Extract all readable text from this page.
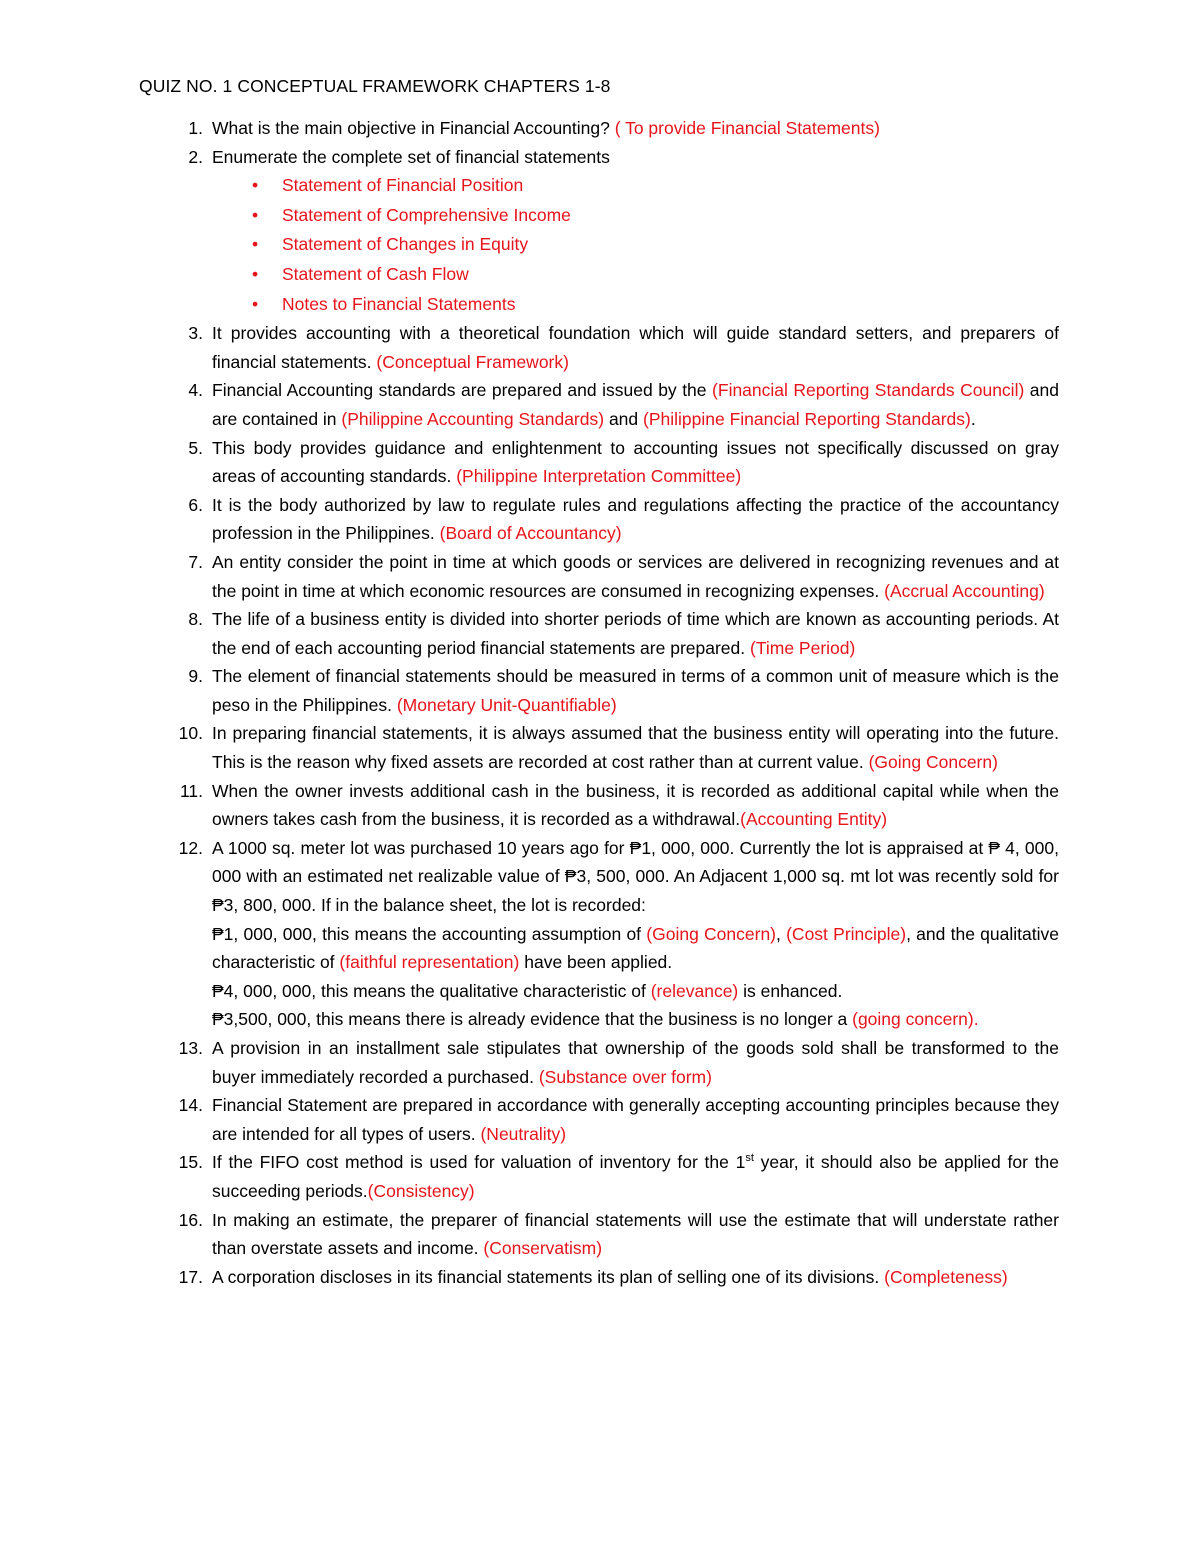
QUIZ NO. 1 CONCEPTUAL FRAMEWORK CHAPTERS 1-8
1. What is the main objective in Financial Accounting? ( To provide Financial Statements)
2. Enumerate the complete set of financial statements
• Statement of Financial Position
• Statement of Comprehensive Income
• Statement of Changes in Equity
• Statement of Cash Flow
• Notes to Financial Statements
3. It provides accounting with a theoretical foundation which will guide standard setters, and preparers of financial statements. (Conceptual Framework)
4. Financial Accounting standards are prepared and issued by the (Financial Reporting Standards Council) and are contained in (Philippine Accounting Standards) and (Philippine Financial Reporting Standards).
5. This body provides guidance and enlightenment to accounting issues not specifically discussed on gray areas of accounting standards. (Philippine Interpretation Committee)
6. It is the body authorized by law to regulate rules and regulations affecting the practice of the accountancy profession in the Philippines. (Board of Accountancy)
7. An entity consider the point in time at which goods or services are delivered in recognizing revenues and at the point in time at which economic resources are consumed in recognizing expenses. (Accrual Accounting)
8. The life of a business entity is divided into shorter periods of time which are known as accounting periods. At the end of each accounting period financial statements are prepared. (Time Period)
9. The element of financial statements should be measured in terms of a common unit of measure which is the peso in the Philippines. (Monetary Unit-Quantifiable)
10. In preparing financial statements, it is always assumed that the business entity will operating into the future. This is the reason why fixed assets are recorded at cost rather than at current value. (Going Concern)
11. When the owner invests additional cash in the business, it is recorded as additional capital while when the owners takes cash from the business, it is recorded as a withdrawal.(Accounting Entity)
12. A 1000 sq. meter lot was purchased 10 years ago for ₱1, 000, 000. Currently the lot is appraised at ₱ 4, 000, 000 with an estimated net realizable value of ₱3, 500, 000. An Adjacent 1,000 sq. mt lot was recently sold for ₱3, 800, 000. If in the balance sheet, the lot is recorded:
₱1, 000, 000, this means the accounting assumption of (Going Concern), (Cost Principle), and the qualitative characteristic of (faithful representation) have been applied.
₱4, 000, 000, this means the qualitative characteristic of (relevance) is enhanced.
₱3,500, 000, this means there is already evidence that the business is no longer a (going concern).
13. A provision in an installment sale stipulates that ownership of the goods sold shall be transformed to the buyer immediately recorded a purchased. (Substance over form)
14. Financial Statement are prepared in accordance with generally accepting accounting principles because they are intended for all types of users. (Neutrality)
15. If the FIFO cost method is used for valuation of inventory for the 1st year, it should also be applied for the succeeding periods.(Consistency)
16. In making an estimate, the preparer of financial statements will use the estimate that will understate rather than overstate assets and income. (Conservatism)
17. A corporation discloses in its financial statements its plan of selling one of its divisions. (Completeness)
